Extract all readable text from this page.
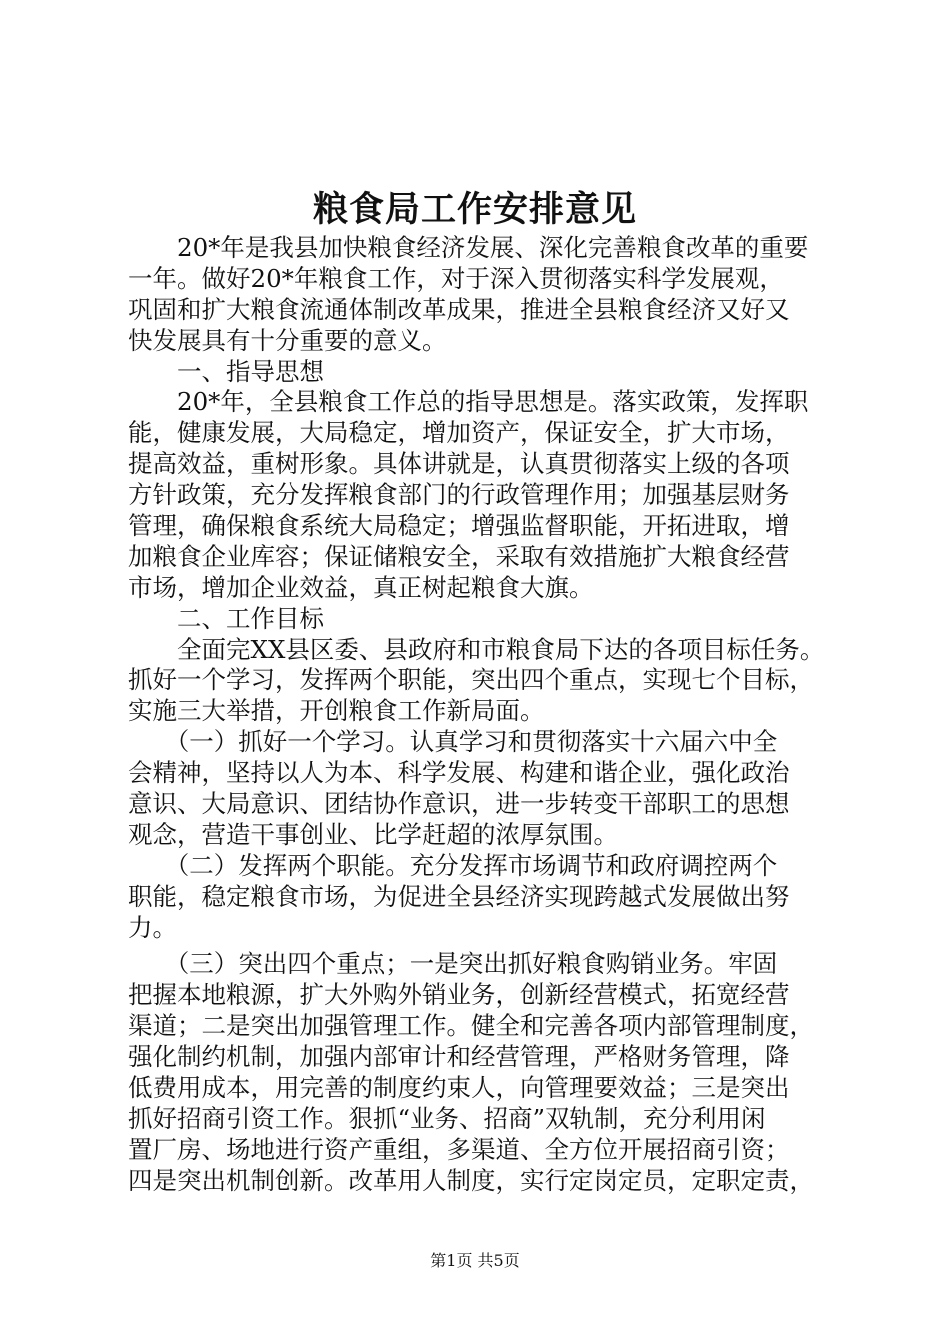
粮食局工作安排意见
　　20*年是我县加快粮食经济发展、深化完善粮食改革的重要
一年。做好20*年粮食工作，对于深入贯彻落实科学发展观，
巩固和扩大粮食流通体制改革成果，推进全县粮食经济又好又
快发展具有十分重要的意义。
　　一、指导思想
　　20*年，全县粮食工作总的指导思想是。落实政策，发挥职
能，健康发展，大局稳定，增加资产，保证安全，扩大市场，
提高效益，重树形象。具体讲就是，认真贯彻落实上级的各项
方针政策，充分发挥粮食部门的行政管理作用；加强基层财务
管理，确保粮食系统大局稳定；增强监督职能，开拓进取，增
加粮食企业库容；保证储粮安全，采取有效措施扩大粮食经营
市场，增加企业效益，真正树起粮食大旗。
　　二、工作目标
　　全面完XX县区委、县政府和市粮食局下达的各项目标任务。
抓好一个学习，发挥两个职能，突出四个重点，实现七个目标，
实施三大举措，开创粮食工作新局面。
　　（一）抓好一个学习。认真学习和贯彻落实十六届六中全
会精神，坚持以人为本、科学发展、构建和谐企业，强化政治
意识、大局意识、团结协作意识，进一步转变干部职工的思想
观念，营造干事创业、比学赶超的浓厚氛围。
　　（二）发挥两个职能。充分发挥市场调节和政府调控两个
职能，稳定粮食市场，为促进全县经济实现跨越式发展做出努
力。
　　（三）突出四个重点；一是突出抓好粮食购销业务。牢固
把握本地粮源，扩大外购外销业务，创新经营模式，拓宽经营
渠道；二是突出加强管理工作。健全和完善各项内部管理制度，
强化制约机制，加强内部审计和经营管理，严格财务管理，降
低费用成本，用完善的制度约束人，向管理要效益；三是突出
抓好招商引资工作。狠抓“业务、招商”双轨制，充分利用闲
置厂房、场地进行资产重组，多渠道、全方位开展招商引资；
四是突出机制创新。改革用人制度，实行定岗定员，定职定责，
第1页 共5页
